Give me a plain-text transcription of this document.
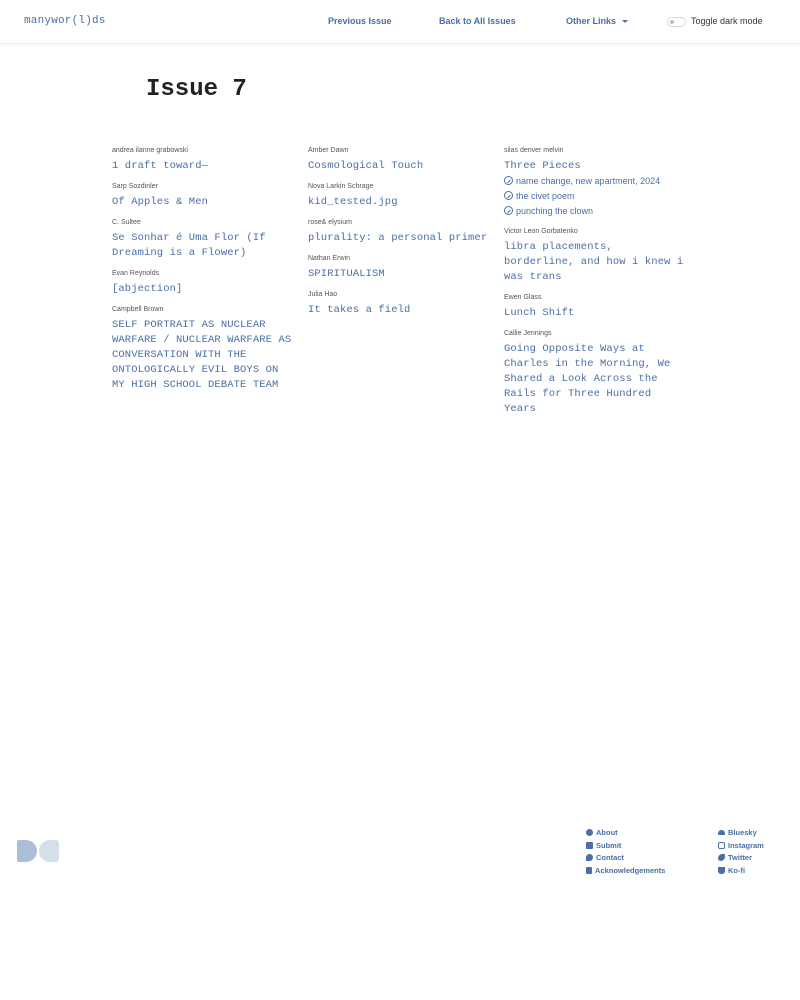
manywor(l)ds	Previous Issue	Back to All Issues	Other Links	Toggle dark mode
Issue 7
andrea ilanne grabowski
1 draft toward—
Sarp Sozdinler
Of Apples & Men
C. Sultee
Se Sonhar é Uma Flor (If Dreaming is a Flower)
Evan Reynolds
[abjection]
Campbell Brown
SELF PORTRAIT AS NUCLEAR WARFARE / NUCLEAR WARFARE AS CONVERSATION WITH THE ONTOLOGICALLY EVIL BOYS ON MY HIGH SCHOOL DEBATE TEAM
Amber Dawn
Cosmological Touch
Nova Larkin Schrage
kid_tested.jpg
rose& elysium
plurality: a personal primer
Nathan Erwin
SPIRITUALISM
Julia Hao
It takes a field
silas denver melvin
Three Pieces
name change, new apartment, 2024
the civet poem
punching the clown
Victor Leon Gorbatenko
libra placements, borderline, and how i knew i was trans
Ewen Glass
Lunch Shift
Callie Jennings
Going Opposite Ways at Charles in the Morning, We Shared a Look Across the Rails for Three Hundred Years
About
Submit
Contact
Acknowledgements
Bluesky
Instagram
Twitter
Ko-fi
